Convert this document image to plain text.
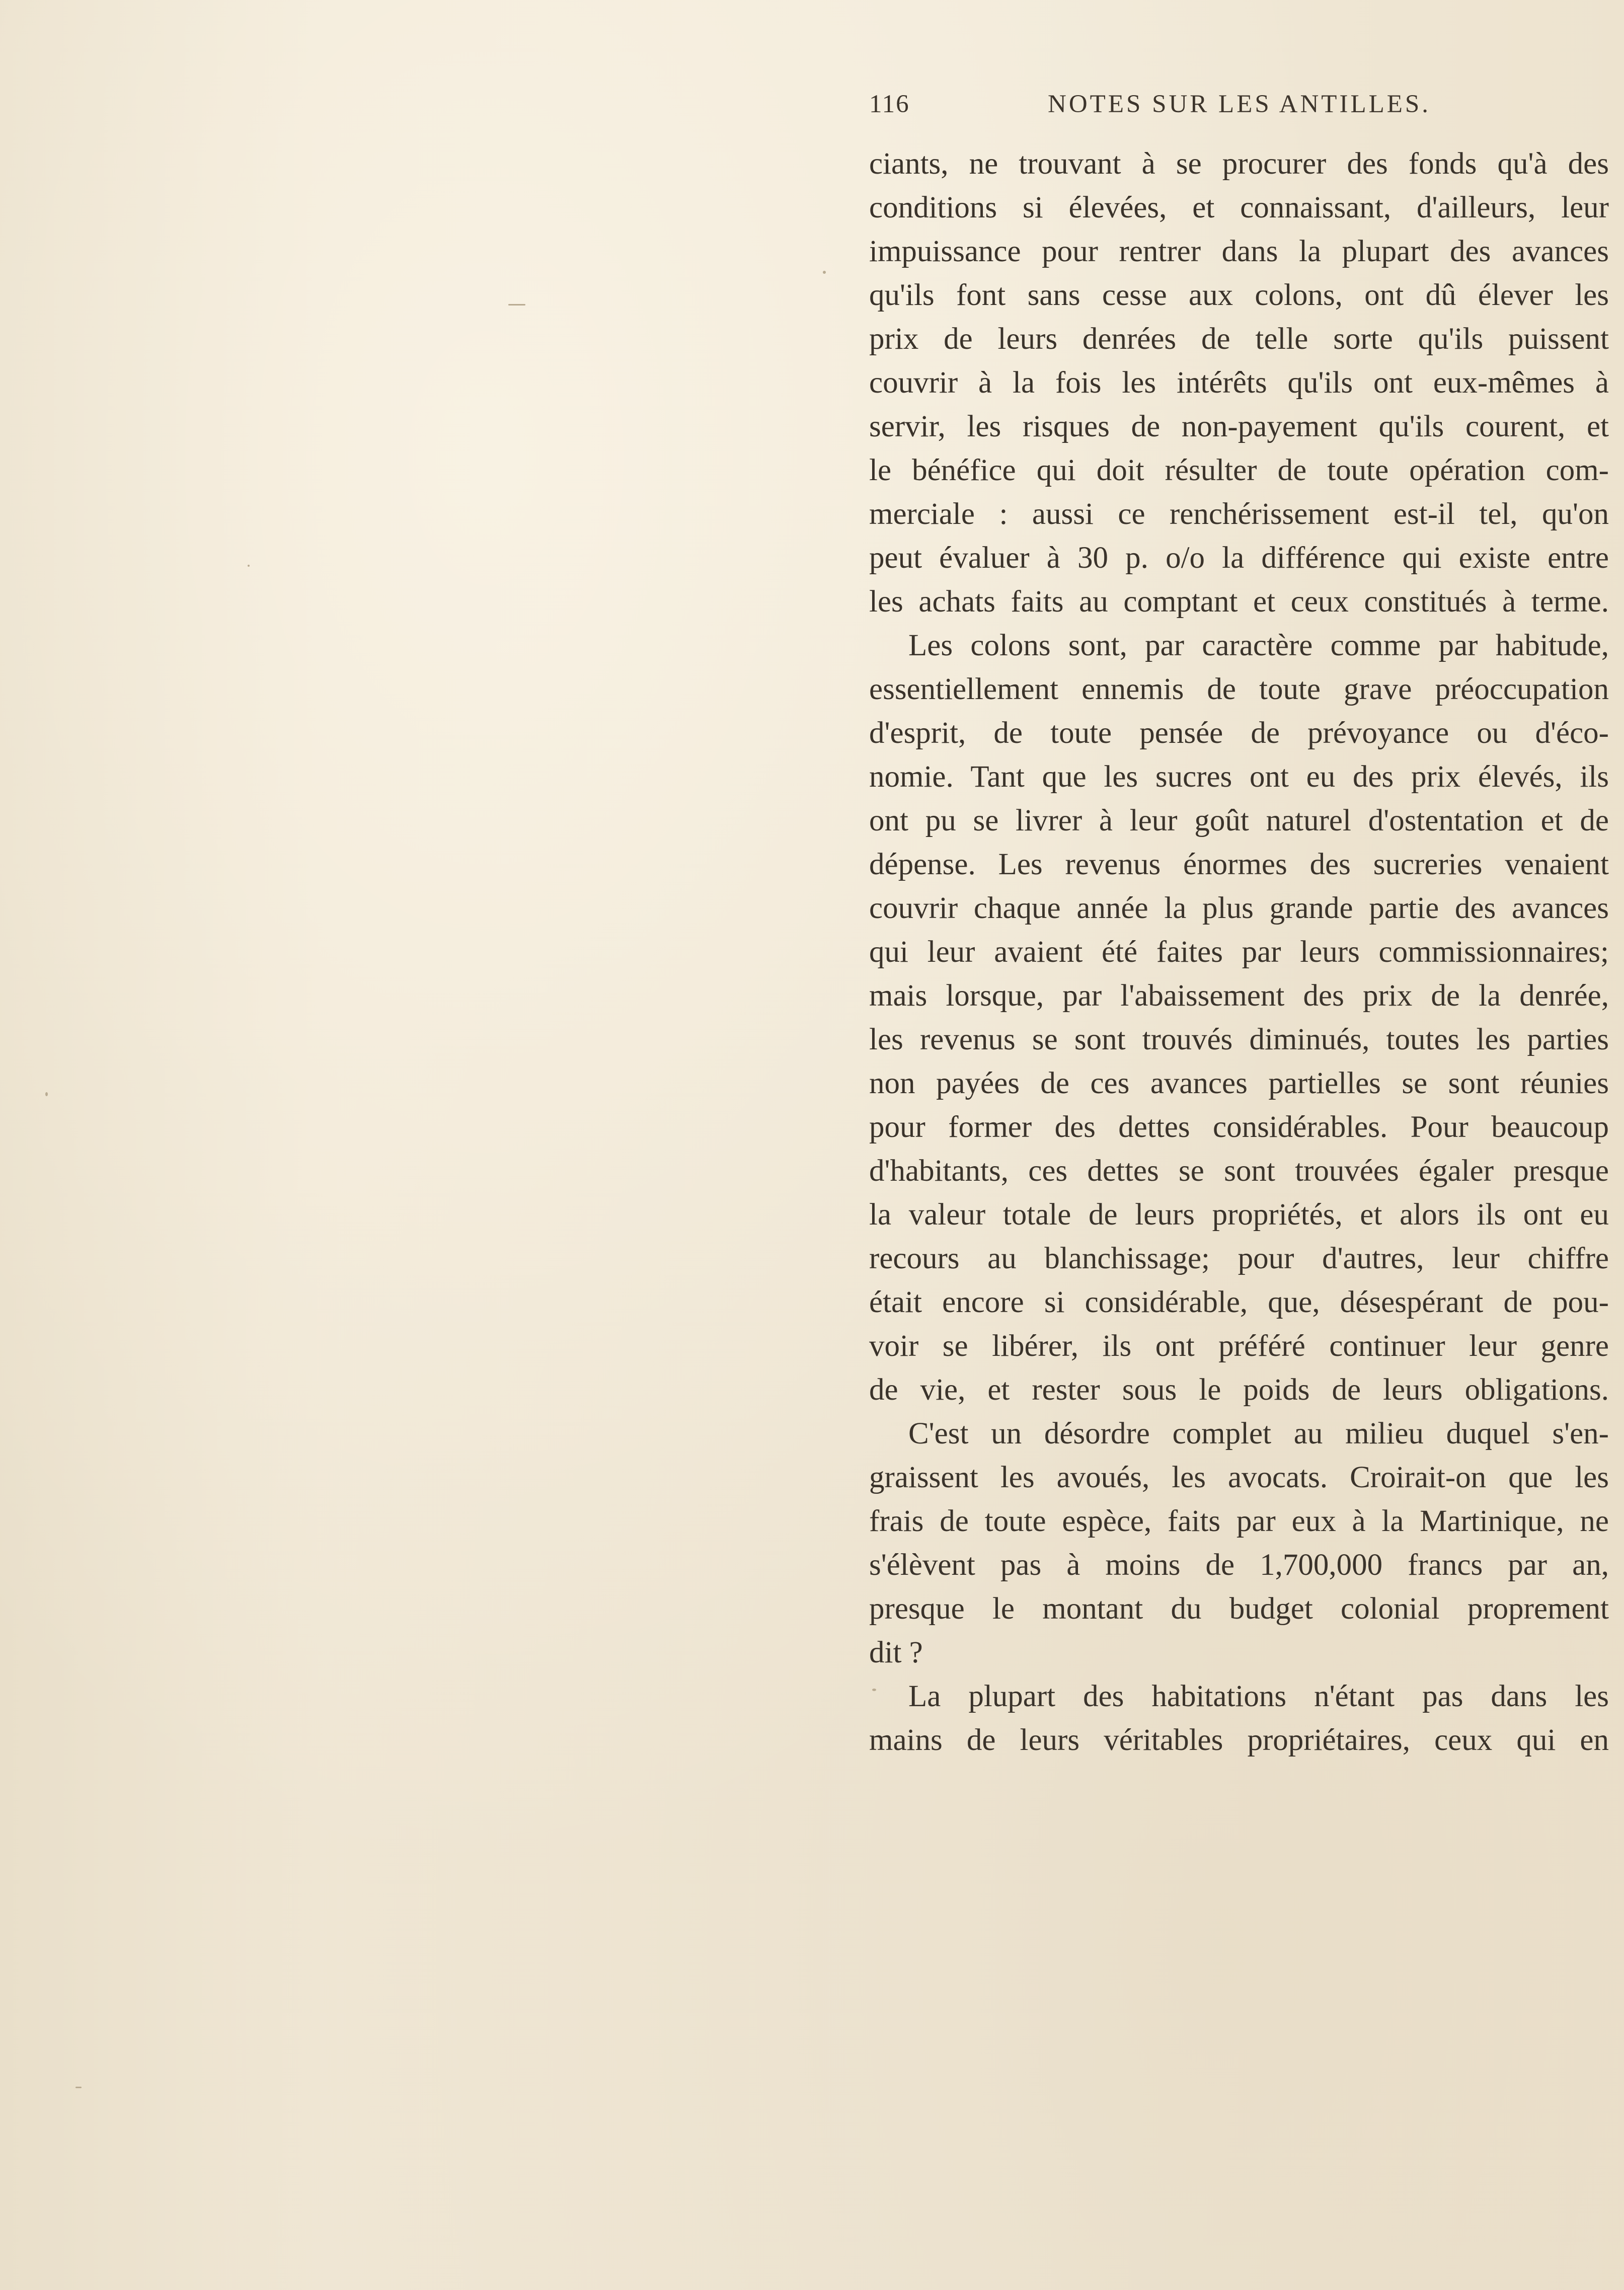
116	NOTES SUR LES ANTILLES.
ciants, ne trouvant à se procurer des fonds qu'à des
conditions si élevées, et connaissant, d'ailleurs, leur
impuissance pour rentrer dans la plupart des avances
qu'ils font sans cesse aux colons, ont dû élever les
prix de leurs denrées de telle sorte qu'ils puissent
couvrir à la fois les intérêts qu'ils ont eux-mêmes à
servir, les risques de non-payement qu'ils courent, et
le bénéfice qui doit résulter de toute opération com-
merciale : aussi ce renchérissement est-il tel, qu'on
peut évaluer à 30 p. o/o la différence qui existe entre
les achats faits au comptant et ceux constitués à terme.
Les colons sont, par caractère comme par habitude,
essentiellement ennemis de toute grave préoccupation
d'esprit, de toute pensée de prévoyance ou d'éco-
nomie. Tant que les sucres ont eu des prix élevés, ils
ont pu se livrer à leur goût naturel d'ostentation et de
dépense. Les revenus énormes des sucreries venaient
couvrir chaque année la plus grande partie des avances
qui leur avaient été faites par leurs commissionnaires;
mais lorsque, par l'abaissement des prix de la denrée,
les revenus se sont trouvés diminués, toutes les parties
non payées de ces avances partielles se sont réunies
pour former des dettes considérables. Pour beaucoup
d'habitants, ces dettes se sont trouvées égaler presque
la valeur totale de leurs propriétés, et alors ils ont eu
recours au blanchissage; pour d'autres, leur chiffre
était encore si considérable, que, désespérant de pou-
voir se libérer, ils ont préféré continuer leur genre
de vie, et rester sous le poids de leurs obligations.
C'est un désordre complet au milieu duquel s'en-
graissent les avoués, les avocats. Croirait-on que les
frais de toute espèce, faits par eux à la Martinique, ne
s'élèvent pas à moins de 1,700,000 francs par an,
presque le montant du budget colonial proprement
dit ?
La plupart des habitations n'étant pas dans les
mains de leurs véritables propriétaires, ceux qui en
